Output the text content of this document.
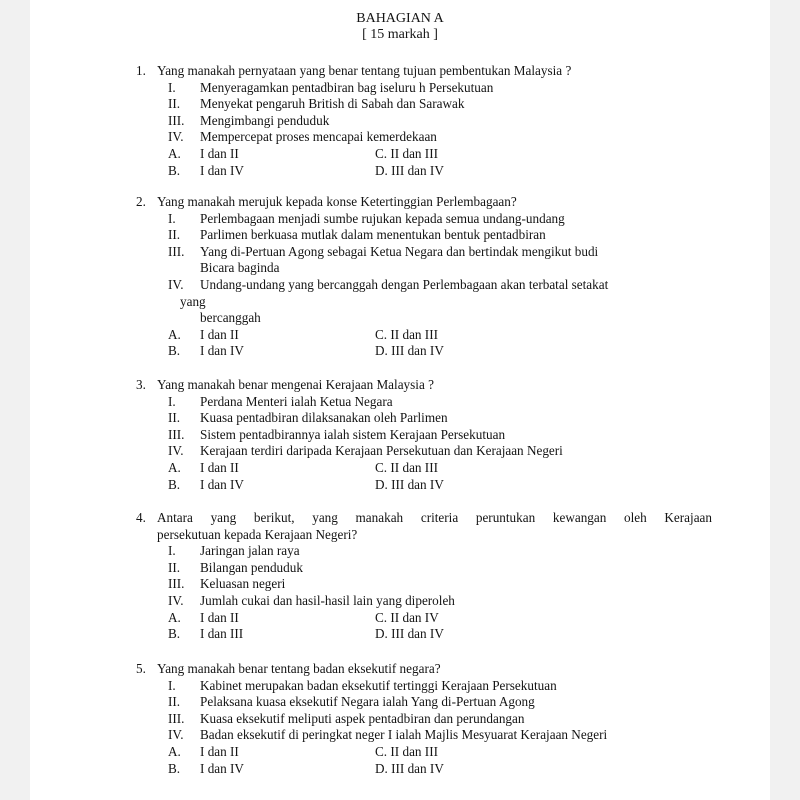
BAHAGIAN A
[ 15 markah ]
1. Yang manakah pernyataan yang benar tentang tujuan pembentukan Malaysia ?
I.	Menyeragamkan pentadbiran bag iseluru h Persekutuan
II.	Menyekat pengaruh British di Sabah dan Sarawak
III.	Mengimbangi penduduk
IV.	Mempercepat proses mencapai kemerdekaan
A. I dan II	C. II dan III
B. I dan IV	D. III dan IV
2. Yang manakah merujuk kepada konse Ketertinggian Perlembagaan?
I.	Perlembagaan menjadi sumbe rujukan kepada semua undang-undang
II.	Parlimen berkuasa mutlak dalam menentukan bentuk pentadbiran
III.	Yang di-Pertuan Agong sebagai Ketua Negara dan bertindak mengikut budi
Bicara baginda
IV.	Undang-undang yang bercanggah dengan Perlembagaan akan terbatal setakat
yang
bercanggah
A. I dan II	C. II dan III
B. I dan IV	D. III dan IV
3. Yang manakah benar mengenai Kerajaan Malaysia ?
I.	Perdana Menteri ialah Ketua Negara
II.	Kuasa pentadbiran dilaksanakan oleh Parlimen
III.	Sistem pentadbirannya ialah sistem Kerajaan Persekutuan
IV.	Kerajaan terdiri daripada Kerajaan Persekutuan dan Kerajaan Negeri
A. I dan II	C. II dan III
B. I dan IV	D. III dan IV
4. Antara yang berikut, yang manakah criteria peruntukan kewangan oleh Kerajaan
persekutuan kepada Kerajaan Negeri?
I.	Jaringan jalan raya
II.	Bilangan penduduk
III.	Keluasan negeri
IV.	Jumlah cukai dan hasil-hasil lain yang diperoleh
A. I dan II	C. II dan IV
B. I dan III	D. III dan IV
5. Yang manakah benar tentang badan eksekutif negara?
I.	Kabinet merupakan badan eksekutif tertinggi Kerajaan Persekutuan
II.	Pelaksana kuasa eksekutif Negara ialah Yang di-Pertuan Agong
III.	Kuasa eksekutif meliputi aspek pentadbiran dan perundangan
IV.	Badan eksekutif di peringkat neger I ialah Majlis Mesyuarat Kerajaan Negeri
A. I dan II	C. II dan III
B. I dan IV	D. III dan IV
